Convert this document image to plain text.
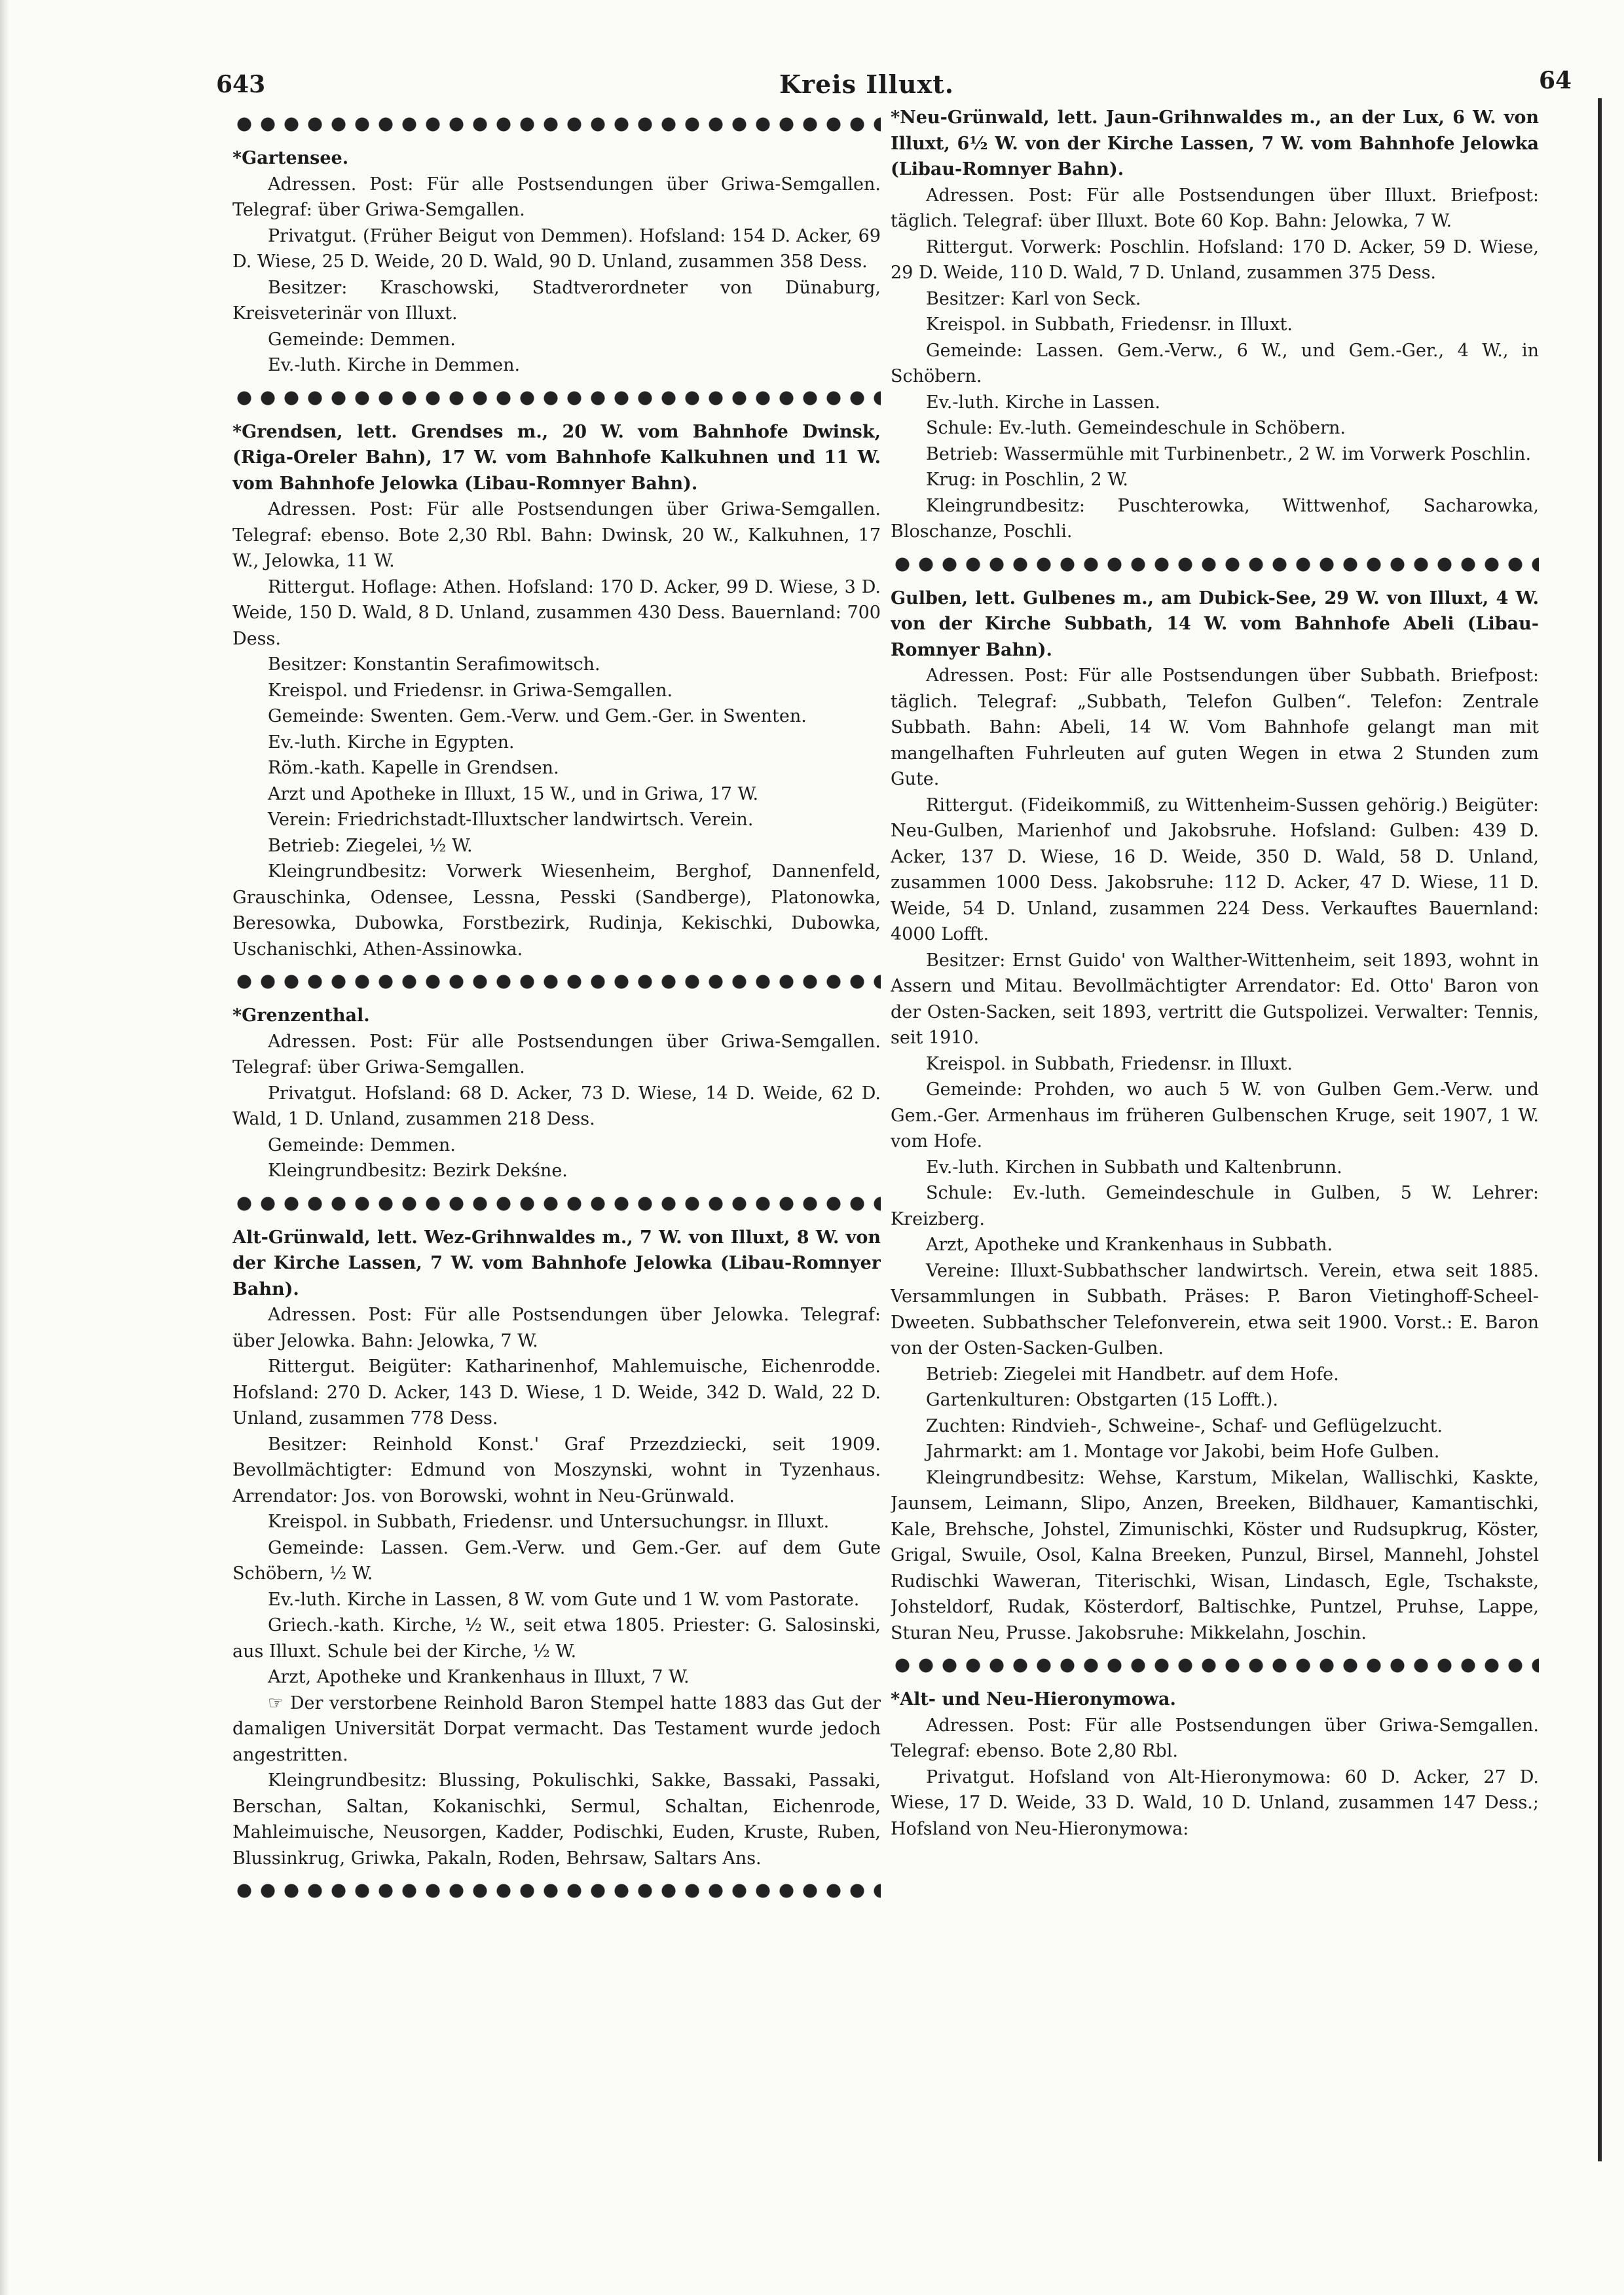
643	Kreis Illuxt.	64

*Gartensee.

Adressen. Post: Für alle Postsendungen über Griwa-Semgallen. Telegraf: über Griwa-Semgallen.

Privatgut. (Früher Beigut von Demmen). Hofsland: 154 D. Acker, 69 D. Wiese, 25 D. Weide, 20 D. Wald, 90 D. Unland, zusammen 358 Dess.

Besitzer: Kraschowski, Stadtverordneter von Dünaburg, Kreisveterinär von Illuxt.

Gemeinde: Demmen.

Ev.-luth. Kirche in Demmen.

*Grendsen, lett. Grendses m., 20 W. vom Bahnhofe Dwinsk, (Riga-Oreler Bahn), 17 W. vom Bahnhofe Kalkuhnen und 11 W. vom Bahnhofe Jelowka (Libau-Romnyer Bahn).

Adressen. Post: Für alle Postsendungen über Griwa-Semgallen. Telegraf: ebenso. Bote 2,30 Rbl. Bahn: Dwinsk, 20 W., Kalkuhnen, 17 W., Jelowka, 11 W.

Rittergut. Hoflage: Athen. Hofsland: 170 D. Acker, 99 D. Wiese, 3 D. Weide, 150 D. Wald, 8 D. Unland, zusammen 430 Dess. Bauernland: 700 Dess.

Besitzer: Konstantin Serafimowitsch.

Kreispol. und Friedensr. in Griwa-Semgallen.

Gemeinde: Swenten. Gem.-Verw. und Gem.-Ger. in Swenten.

Ev.-luth. Kirche in Egypten.

Röm.-kath. Kapelle in Grendsen.

Arzt und Apotheke in Illuxt, 15 W., und in Griwa, 17 W.

Verein: Friedrichstadt-Illuxtscher landwirtsch. Verein.

Betrieb: Ziegelei, ½ W.

Kleingrundbesitz: Vorwerk Wiesenheim, Berghof, Dannenfeld, Grauschinka, Odensee, Lessna, Pesski (Sandberge), Platonowka, Beresowka, Dubowka, Forstbezirk, Rudinja, Kekischki, Dubowka, Uschanischki, Athen-Assinowka.

*Grenzenthal.

Adressen. Post: Für alle Postsendungen über Griwa-Semgallen. Telegraf: über Griwa-Semgallen.

Privatgut. Hofsland: 68 D. Acker, 73 D. Wiese, 14 D. Weide, 62 D. Wald, 1 D. Unland, zusammen 218 Dess.

Gemeinde: Demmen.

Kleingrundbesitz: Bezirk Dekśne.

Alt-Grünwald, lett. Wez-Grihnwaldes m., 7 W. von Illuxt, 8 W. von der Kirche Lassen, 7 W. vom Bahnhofe Jelowka (Libau-Romnyer Bahn).

Adressen. Post: Für alle Postsendungen über Jelowka. Telegraf: über Jelowka. Bahn: Jelowka, 7 W.

Rittergut. Beigüter: Katharinenhof, Mahlemuische, Eichenrodde. Hofsland: 270 D. Acker, 143 D. Wiese, 1 D. Weide, 342 D. Wald, 22 D. Unland, zusammen 778 Dess.

Besitzer: Reinhold Konst.' Graf Przezdziecki, seit 1909. Bevollmächtigter: Edmund von Moszynski, wohnt in Tyzenhaus. Arrendator: Jos. von Borowski, wohnt in Neu-Grünwald.

Kreispol. in Subbath, Friedensr. und Untersuchungsr. in Illuxt.

Gemeinde: Lassen. Gem.-Verw. und Gem.-Ger. auf dem Gute Schöbern, ½ W.

Ev.-luth. Kirche in Lassen, 8 W. vom Gute und 1 W. vom Pastorate.

Griech.-kath. Kirche, ½ W., seit etwa 1805. Priester: G. Salosinski, aus Illuxt. Schule bei der Kirche, ½ W.

Arzt, Apotheke und Krankenhaus in Illuxt, 7 W.

☞ Der verstorbene Reinhold Baron Stempel hatte 1883 das Gut der damaligen Universität Dorpat vermacht. Das Testament wurde jedoch angestritten.

Kleingrundbesitz: Blussing, Pokulischki, Sakke, Bassaki, Passaki, Berschan, Saltan, Kokanischki, Sermul, Schaltan, Eichenrode, Mahleimuische, Neusorgen, Kadder, Podischki, Euden, Kruste, Ruben, Blussinkrug, Griwka, Pakaln, Roden, Behrsaw, Saltars Ans.

*Neu-Grünwald, lett. Jaun-Grihnwaldes m., an der Lux, 6 W. von Illuxt, 6½ W. von der Kirche Lassen, 7 W. vom Bahnhofe Jelowka (Libau-Romnyer Bahn).

Adressen. Post: Für alle Postsendungen über Illuxt. Briefpost: täglich. Telegraf: über Illuxt. Bote 60 Kop. Bahn: Jelowka, 7 W.

Rittergut. Vorwerk: Poschlin. Hofsland: 170 D. Acker, 59 D. Wiese, 29 D. Weide, 110 D. Wald, 7 D. Unland, zusammen 375 Dess.

Besitzer: Karl von Seck.

Kreispol. in Subbath, Friedensr. in Illuxt.

Gemeinde: Lassen. Gem.-Verw., 6 W., und Gem.-Ger., 4 W., in Schöbern.

Ev.-luth. Kirche in Lassen.

Schule: Ev.-luth. Gemeindeschule in Schöbern.

Betrieb: Wassermühle mit Turbinenbetr., 2 W. im Vorwerk Poschlin.

Krug: in Poschlin, 2 W.

Kleingrundbesitz: Puschterowka, Wittwenhof, Sacharowka, Bloschanze, Poschli.

Gulben, lett. Gulbenes m., am Dubick-See, 29 W. von Illuxt, 4 W. von der Kirche Subbath, 14 W. vom Bahnhofe Abeli (Libau-Romnyer Bahn).

Adressen. Post: Für alle Postsendungen über Subbath. Briefpost: täglich. Telegraf: „Subbath, Telefon Gulben“. Telefon: Zentrale Subbath. Bahn: Abeli, 14 W. Vom Bahnhofe gelangt man mit mangelhaften Fuhrleuten auf guten Wegen in etwa 2 Stunden zum Gute.

Rittergut. (Fideikommiß, zu Wittenheim-Sussen gehörig.) Beigüter: Neu-Gulben, Marienhof und Jakobsruhe. Hofsland: Gulben: 439 D. Acker, 137 D. Wiese, 16 D. Weide, 350 D. Wald, 58 D. Unland, zusammen 1000 Dess. Jakobsruhe: 112 D. Acker, 47 D. Wiese, 11 D. Weide, 54 D. Unland, zusammen 224 Dess. Verkauftes Bauernland: 4000 Lofft.

Besitzer: Ernst Guido' von Walther-Wittenheim, seit 1893, wohnt in Assern und Mitau. Bevollmächtigter Arrendator: Ed. Otto' Baron von der Osten-Sacken, seit 1893, vertritt die Gutspolizei. Verwalter: Tennis, seit 1910.

Kreispol. in Subbath, Friedensr. in Illuxt.

Gemeinde: Prohden, wo auch 5 W. von Gulben Gem.-Verw. und Gem.-Ger. Armenhaus im früheren Gulbenschen Kruge, seit 1907, 1 W. vom Hofe.

Ev.-luth. Kirchen in Subbath und Kaltenbrunn.

Schule: Ev.-luth. Gemeindeschule in Gulben, 5 W. Lehrer: Kreizberg.

Arzt, Apotheke und Krankenhaus in Subbath.

Vereine: Illuxt-Subbathscher landwirtsch. Verein, etwa seit 1885. Versammlungen in Subbath. Präses: P. Baron Vietinghoff-Scheel-Dweeten. Subbathscher Telefonverein, etwa seit 1900. Vorst.: E. Baron von der Osten-Sacken-Gulben.

Betrieb: Ziegelei mit Handbetr. auf dem Hofe.

Gartenkulturen: Obstgarten (15 Lofft.).

Zuchten: Rindvieh-, Schweine-, Schaf- und Geflügelzucht.

Jahrmarkt: am 1. Montage vor Jakobi, beim Hofe Gulben.

Kleingrundbesitz: Wehse, Karstum, Mikelan, Wallischki, Kaskte, Jaunsem, Leimann, Slipo, Anzen, Breeken, Bildhauer, Kamantischki, Kale, Brehsche, Johstel, Zimunischki, Köster und Rudsupkrug, Köster, Grigal, Swuile, Osol, Kalna Breeken, Punzul, Birsel, Mannehl, Johstel Rudischki Waweran, Titerischki, Wisan, Lindasch, Egle, Tschakste, Johsteldorf, Rudak, Kösterdorf, Baltischke, Puntzel, Pruhse, Lappe, Sturan Neu, Prusse. Jakobsruhe: Mikkelahn, Joschin.

*Alt- und Neu-Hieronymowa.

Adressen. Post: Für alle Postsendungen über Griwa-Semgallen. Telegraf: ebenso. Bote 2,80 Rbl.

Privatgut. Hofsland von Alt-Hieronymowa: 60 D. Acker, 27 D. Wiese, 17 D. Weide, 33 D. Wald, 10 D. Unland, zusammen 147 Dess.; Hofsland von Neu-Hieronymowa:
